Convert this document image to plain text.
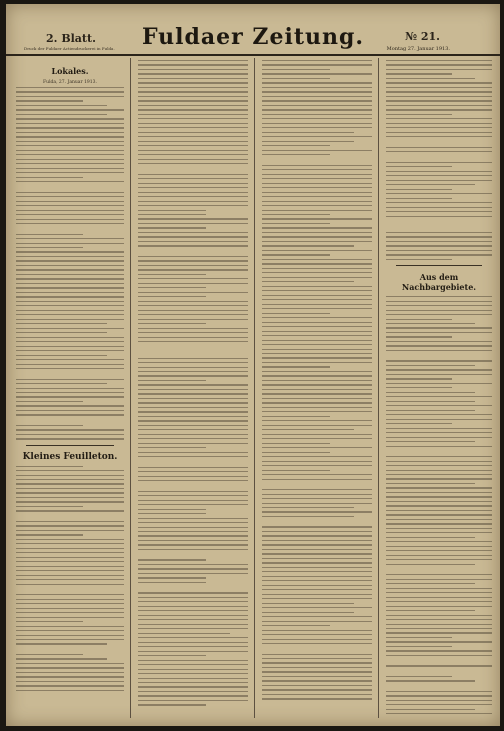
2. Blatt.
Druck der Fuldaer Actiendruckerei in Fulda.	Fuldaer Zeitung.	№ 21.
Montag 27. Januar 1913.
Lokales.
Fulda, 27. Januar 1913.
Kleines Feuilleton.
Aus dem Nachbargebiete.
